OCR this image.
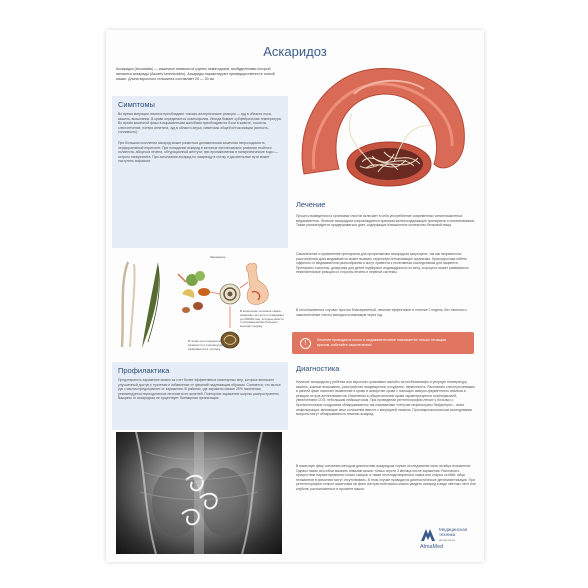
Аскаридоз
Аскаридоз (Ascariasis) — кишечное инвазия из группы нематодозов, возбудителями которой являются аскариды (Ascaris lumbricoides). Аскариды паразитируют преимущественно в тонкой кишке. Длина взрослого гельминта составляет 25 — 30 см.
Симптомы
Во время миграции личинок преобладают токсико-аллергические реакции — зуд в области носа, кашель, высыпания. В крови определяется эозинофилия. Иногда бывает субфебрильная температура. Во время кишечной фазы в выраженными жалобами преобладаются боли в животе, тошнота, слюнотечение, потеря аппетита, зуд в области ануса, симптомы общей интоксикации (вялость, сонливость).
При большом скоплении аскарид может развиться динамическая кишечная непроходимость, перфоративный перитонит. При попадании аскарид в желчные пути возможно развитие гнойного холангита, абсцесса печени, обтурационной желтухи; при проникновении в панкреатические ходы — острого панкреатита. При заползании аскарид по пищеводу в глотку и дыхательные пути может наступить асфиксия.
Заражение
В кишечнике человека самка аскариды за сутки откладывает до 200000 яиц, которые вместе с испражнениями больного выходят наружу
В почве при определенной влажности и температуре яйца развиваются в личинку
Лечение
Процесс выведения из организма глистов включает в себя употребление современных антигельминтных медикаментов. Лечение аскаридоза сопровождается приемом железосодержащих препаратов и поливитаминов. Также рекомендуется придерживаться диет, содержащих повышенное количество белковой пищи.
Самолечение и применение препаратов для профилактики аскаридоза запрещено, так как неправильно рассчитанная доза медикамента может вызвать серьезную интоксикацию организма. Краткосрочная гибель эффекты от медикаментов разнообразны и могут привести к негативным последствиям для пациента. Препараты токсичны, дозировка для детей подбирают индивидуально по весу, а процесс может развиваться нежелательные реакции со стороны печени и нервной системы.
В неосложненных случаях прогноз благоприятный, лечение эффективно в течение 2 недель, без лечения и самоизлечение глисты выводятся максимум через год.
!	Лечение проводится после и медикаментозное назначается только лечащим врачом, избегайте самолечения!
Профилактика
Предотвратить заражение можно за счет более эффективных санитарных мер, которые включают улучшенный доступ к туалетам и избавление от фекалий надлежащим образом. Считается, что мытье рук с мылом предохраняет от заражения. В районах, где заражено свыше 20% населения, рекомендуется периодическое лечение всех жителей. Повторное заражение широко распространено. Вакцины от аскаридоза не существует. Всемирная организация
Диагностика
Наличие аскаридоза у ребенка или взрослого указывают жалобы на необъяснимую и упорную температуру, кашель, кожные высыпания, расстройство пищеварения, похудение, нервозность. Распознать глистную инвазию в ранней фазе помогает выявление в крови в сыворотке крови с помощью иммуно-ферментного анализа и реакции титров антигельминтов. Изменения в общем анализе крови характеризуются эозинофилией, увеличением СОЭ, небольшим лейкоцитозом. При проведении рентгенографии легких у больных с бронхолегочным синдромом обнаруживаются так называемые «летучие инфильтраты Леффлера» - очаги инфильтрации, меняющие свое положение вместе с миграцией личинок. При микроскопическом исследовании мокроты могут обнаруживаться личинки аскарид.
В кишечную фазу основным методом диагностики аскаридоза служит исследование кала на яйца гельминтов. Однако таким способом выявить инвазию можно только спустя 3 месяца после заражения. Распознать присутствие паразитирования только самцов, а также неоплодотворенных самок или старых особей, яйца гельминтов в фекалиях могут отсутствовать. В этом случае проводится диагностическое дегельминтизация. При рентгенографии тонкого кишечника на фоне контрастной массы можно увидеть аскарид в виде светлых лент или клубков, расположенных в просвете кишки.
Медицинская
техника
almamed.su
AlmaMed
